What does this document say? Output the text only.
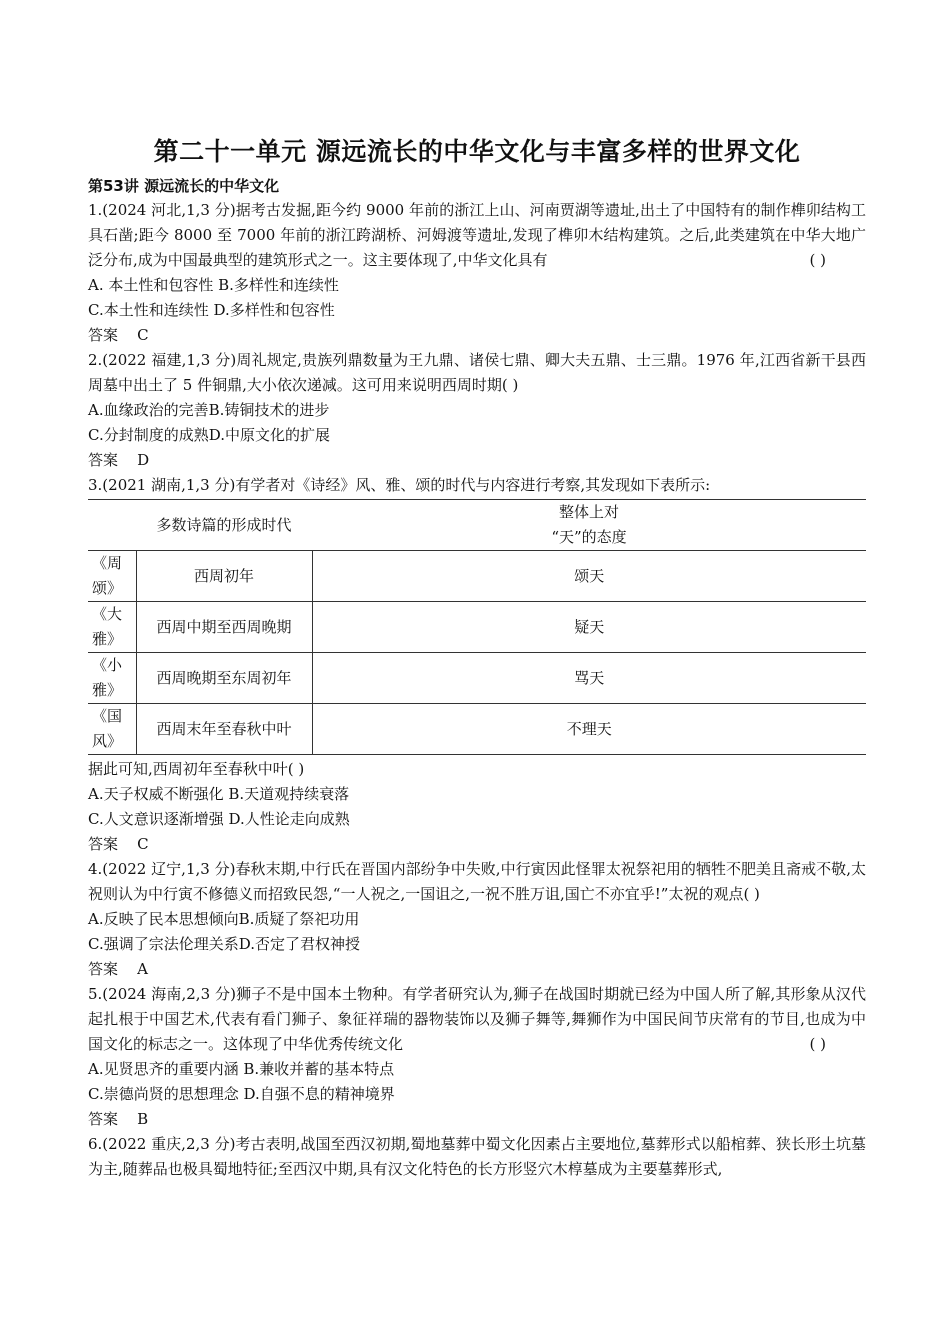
第二十一单元 源远流长的中华文化与丰富多样的世界文化
第53讲 源远流长的中华文化

1.(2024 河北,1,3 分)据考古发掘,距今约 9000 年前的浙江上山、河南贾湖等遗址,出土了中国特有的制作榫卯结构工具石凿;距今 8000 至 7000 年前的浙江跨湖桥、河姆渡等遗址,发现了榫卯木结构建筑。之后,此类建筑在中华大地广泛分布,成为中国最典型的建筑形式之一。这主要体现了,中华文化具有	( )

A. 本土性和包容性 B.多样性和连续性

C.本土性和连续性 D.多样性和包容性

答案 C

2.(2022 福建,1,3 分)周礼规定,贵族列鼎数量为王九鼎、诸侯七鼎、卿大夫五鼎、士三鼎。1976 年,江西省新干县西周墓中出土了 5 件铜鼎,大小依次递减。这可用来说明西周时期( )

A.血缘政治的完善B.铸铜技术的进步

C.分封制度的成熟D.中原文化的扩展

答案 D

3.(2021 湖南,1,3 分)有学者对《诗经》风、雅、颂的时代与内容进行考察,其发现如下表所示:

	多数诗篇的形成时代	整体上对
“天”的态度

《周
颂》	西周初年	颂天

《大
雅》	西周中期至西周晚期	疑天

《小
雅》	西周晚期至东周初年	骂天

《国
风》	西周末年至春秋中叶	不理天

据此可知,西周初年至春秋中叶( )

A.天子权威不断强化 B.天道观持续衰落

C.人文意识逐渐增强 D.人性论走向成熟

答案 C

4.(2022 辽宁,1,3 分)春秋末期,中行氏在晋国内部纷争中失败,中行寅因此怪罪太祝祭祀用的牺牲不肥美且斋戒不敬,太祝则认为中行寅不修德义而招致民怨,“一人祝之,一国诅之,一祝不胜万诅,国亡不亦宜乎!”太祝的观点( )

A.反映了民本思想倾向B.质疑了祭祀功用

C.强调了宗法伦理关系D.否定了君权神授

答案 A

5.(2024 海南,2,3 分)狮子不是中国本土物种。有学者研究认为,狮子在战国时期就已经为中国人所了解,其形象从汉代起扎根于中国艺术,代表有看门狮子、象征祥瑞的器物装饰以及狮子舞等,舞狮作为中国民间节庆常有的节目,也成为中国文化的标志之一。这体现了中华优秀传统文化	( )

A.见贤思齐的重要内涵 B.兼收并蓄的基本特点

C.崇德尚贤的思想理念 D.自强不息的精神境界

答案 B

6.(2022 重庆,2,3 分)考古表明,战国至西汉初期,蜀地墓葬中蜀文化因素占主要地位,墓葬形式以船棺葬、狭长形土坑墓为主,随葬品也极具蜀地特征;至西汉中期,具有汉文化特色的长方形竖穴木椁墓成为主要墓葬形式,
